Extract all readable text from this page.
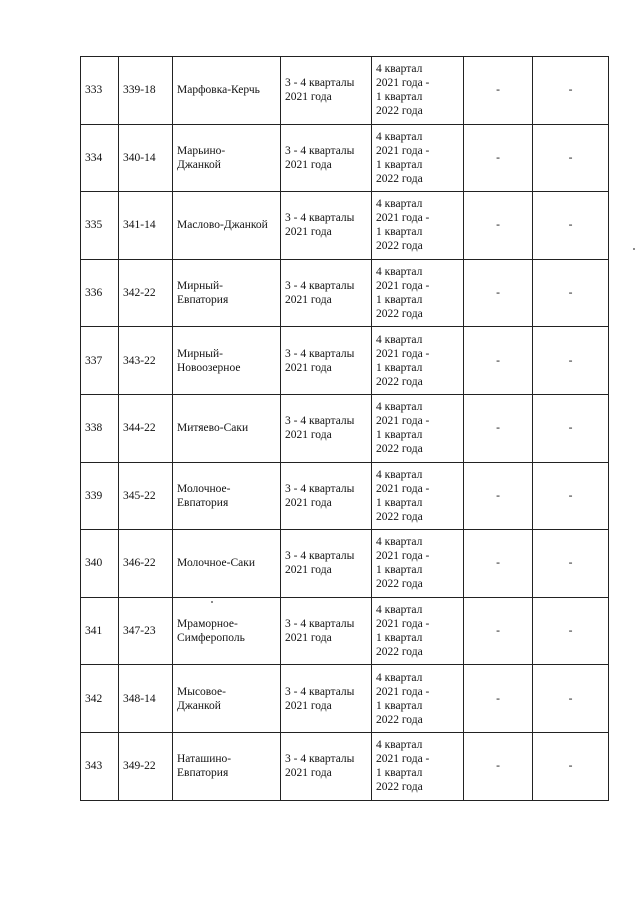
333	339-18	Марфовка-Керчь	3 - 4 кварталы
2021 года	4 квартал
2021 года -
1 квартал
2022 года	-	-
334	340-14	Марьино-
Джанкой	3 - 4 кварталы
2021 года	4 квартал
2021 года -
1 квартал
2022 года	-	-
335	341-14	Маслово-Джанкой	3 - 4 кварталы
2021 года	4 квартал
2021 года -
1 квартал
2022 года	-	-
336	342-22	Мирный-
Евпатория	3 - 4 кварталы
2021 года	4 квартал
2021 года -
1 квартал
2022 года	-	-
337	343-22	Мирный-
Новоозерное	3 - 4 кварталы
2021 года	4 квартал
2021 года -
1 квартал
2022 года	-	-
338	344-22	Митяево-Саки	3 - 4 кварталы
2021 года	4 квартал
2021 года -
1 квартал
2022 года	-	-
339	345-22	Молочное-
Евпатория	3 - 4 кварталы
2021 года	4 квартал
2021 года -
1 квартал
2022 года	-	-
340	346-22	Молочное-Саки	3 - 4 кварталы
2021 года	4 квартал
2021 года -
1 квартал
2022 года	-	-
341	347-23	Мраморное-
Симферополь	3 - 4 кварталы
2021 года	4 квартал
2021 года -
1 квартал
2022 года	-	-
342	348-14	Мысовое-
Джанкой	3 - 4 кварталы
2021 года	4 квартал
2021 года -
1 квартал
2022 года	-	-
343	349-22	Наташино-
Евпатория	3 - 4 кварталы
2021 года	4 квартал
2021 года -
1 квартал
2022 года	-	-
